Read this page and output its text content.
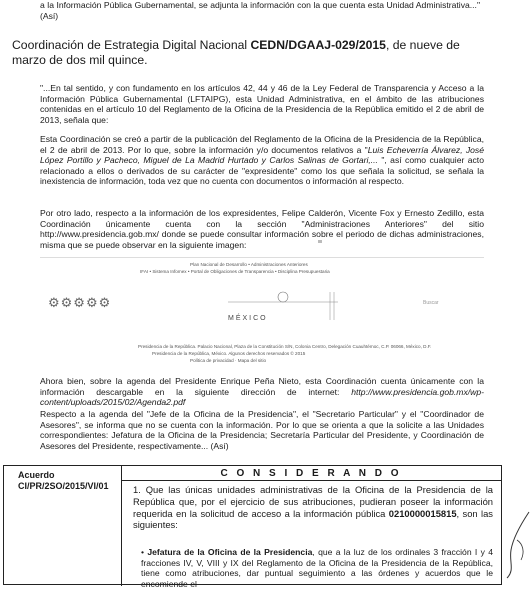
a la Información Pública Gubernamental, se adjunta la información con la que cuenta esta Unidad Administrativa..." (Así)

Coordinación de Estrategia Digital Nacional CEDN/DGAAJ-029/2015, de nueve de marzo de dos mil quince.

"...En tal sentido, y con fundamento en los artículos 42, 44 y 46 de la Ley Federal de Transparencia y Acceso a la Información Pública Gubernamental (LFTAIPG), esta Unidad Administrativa, en el ámbito de las atribuciones contenidas en el artículo 10 del Reglamento de la Oficina de la Presidencia de la República emitido el 2 de abril de 2013, señala que:

Esta Coordinación se creó a partir de la publicación del Reglamento de la Oficina de la Presidencia de la República, el 2 de abril de 2013. Por lo que, sobre la información y/o documentos relativos a "Luis Echeverría Álvarez, José López Portillo y Pacheco, Miguel de La Madrid Hurtado y Carlos Salinas de Gortari,... ", así como cualquier acto relacionado a ellos o derivados de su carácter de "expresidente" como los que señala la solicitud, se señala la inexistencia de información, toda vez que no cuenta con documentos o información al respecto.

Por otro lado, respecto a la información de los expresidentes, Felipe Calderón, Vicente Fox y Ernesto Zedillo, esta Coordinación únicamente cuenta con la sección "Administraciones Anteriores" del sitio http://www.presidencia.gob.mx/ donde se puede consultar información sobre el periodo de dichas administraciones, misma que se puede observar en la siguiente imagen:

Plan Nacional de Desarrollo • Administraciones Anteriores
IFAI • Sistema Infomex • Portal de Obligaciones de Transparencia • Disciplina Presupuestaria
⚙⚙⚙⚙⚙
MÉXICO
Buscar
Presidencia de la República. Palacio Nacional, Plaza de la Constitución S/N, Colonia Centro, Delegación Cuauhtémoc, C.P. 06066, México, D.F.
Presidencia de la República, México. Algunos derechos reservados © 2015
Política de privacidad · Mapa del sitio

Ahora bien, sobre la agenda del Presidente Enrique Peña Nieto, esta Coordinación cuenta únicamente con la información descargable en la siguiente dirección de internet: http://www.presidencia.gob.mx/wp-content/uploads/2015/02/Agenda2.pdf

Respecto a la agenda del "Jefe de la Oficina de la Presidencia", el "Secretario Particular" y el "Coordinador de Asesores", se informa que no se cuenta con la información. Por lo que se orienta a que la solicite a las Unidades correspondientes: Jefatura de la Oficina de la Presidencia; Secretaría Particular del Presidente, y Coordinación de Asesores del Presidente, respectivamente... (Así)

Acuerdo
CI/PR/2SO/2015/VI/01
C O N S I D E R A N D O
1. Que las únicas unidades administrativas de la Oficina de la Presidencia de la República que, por el ejercicio de sus atribuciones, pudieran poseer la información requerida en la solicitud de acceso a la información pública 0210000015815, son las siguientes:
• Jefatura de la Oficina de la Presidencia, que a la luz de los ordinales 3 fracción I y 4 fracciones IV, V, VIII y IX del Reglamento de la Oficina de la Presidencia de la República, tiene como atribuciones, dar puntual seguimiento a las órdenes y acuerdos que le encomiende el
